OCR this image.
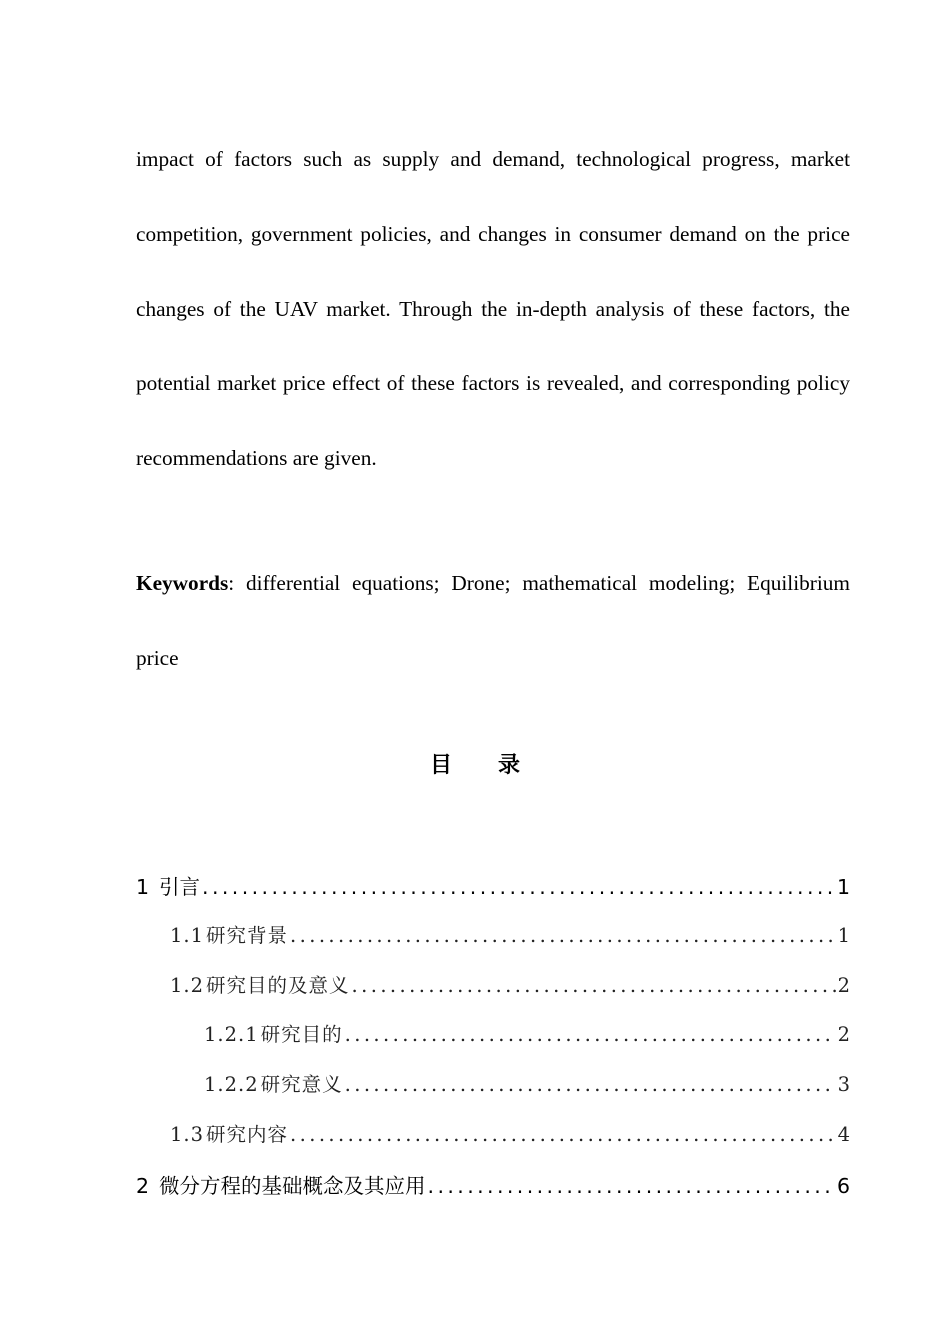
impact of factors such as supply and demand, technological progress, market competition, government policies, and changes in consumer demand on the price changes of the UAV market. Through the in-depth analysis of these factors, the potential market price effect of these factors is revealed, and corresponding policy recommendations are given.

Keywords: differential equations; Drone; mathematical modeling; Equilibrium price

目 录
1 引言 .....	1
1.1 研究背景 .....	1
1.2 研究目的及意义 .....	2
1.2.1 研究目的 .....	2
1.2.2 研究意义 .....	3
1.3 研究内容 .....	4
2 微分方程的基础概念及其应用 .....	6
